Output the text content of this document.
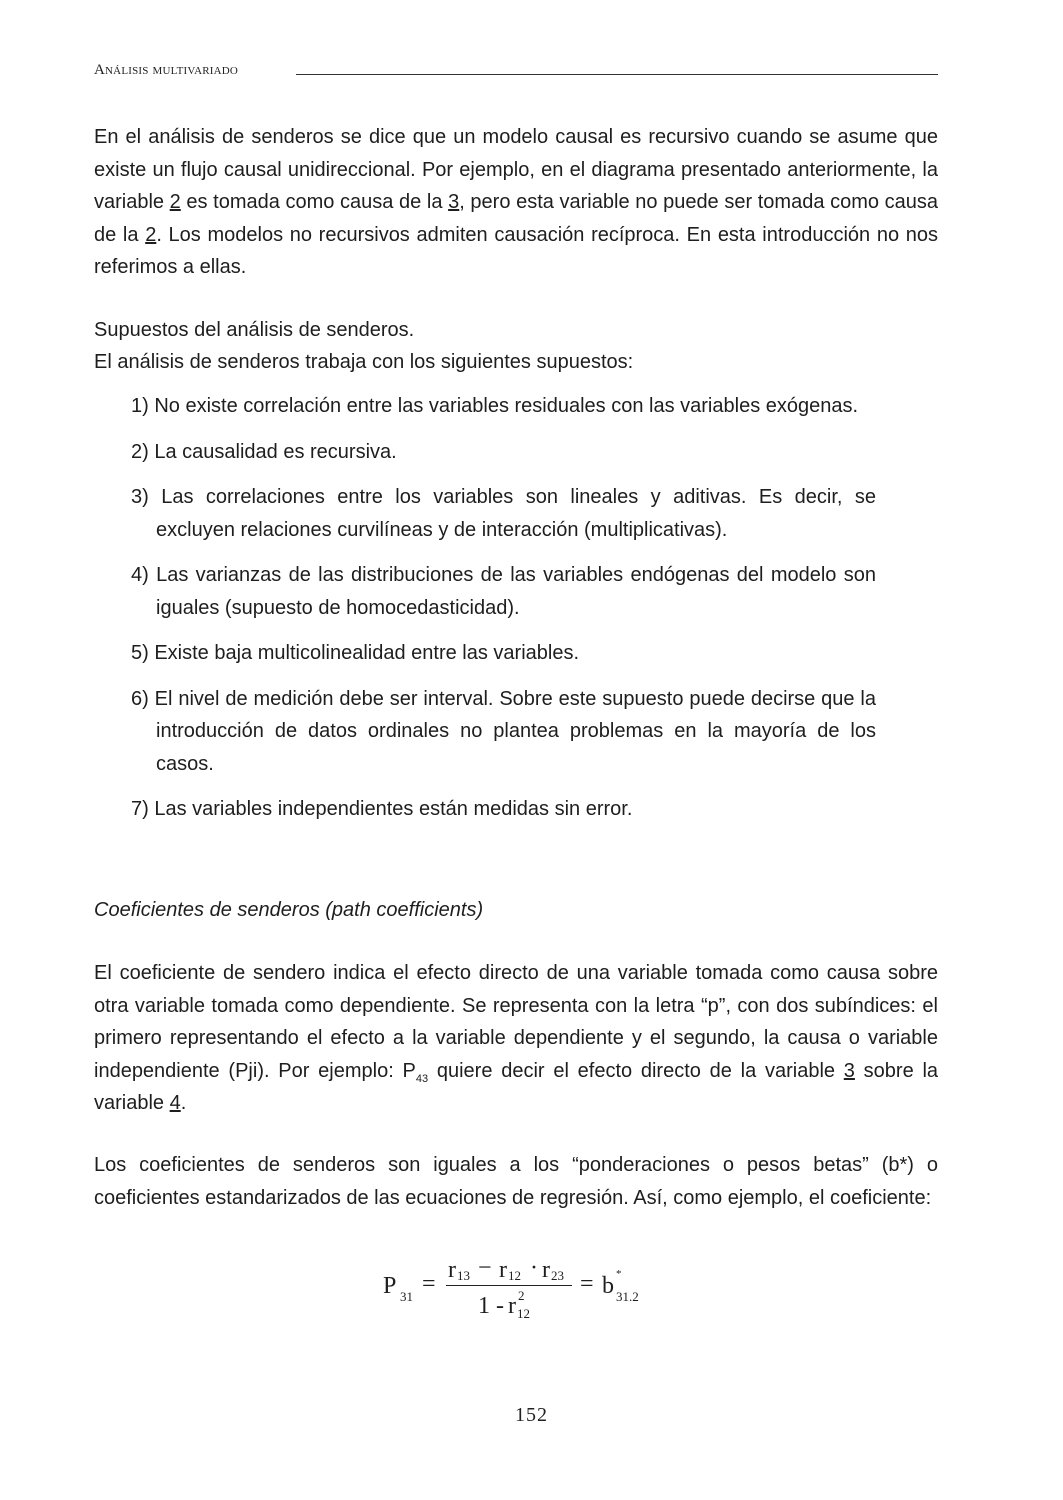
Análisis multivariado

En el análisis de senderos se dice que un modelo causal es recursivo cuando se asume que existe un flujo causal unidireccional. Por ejemplo, en el diagrama presentado anteriormente, la variable 2 es tomada como causa de la 3, pero esta variable no puede ser tomada como causa de la 2. Los modelos no recursivos admiten causación recíproca. En esta introducción no nos referimos a ellas.

Supuestos del análisis de senderos.

El análisis de senderos trabaja con los siguientes supuestos:

1) No existe correlación entre las variables residuales con las variables exógenas.
2) La causalidad es recursiva.
3) Las correlaciones entre los variables son lineales y aditivas. Es decir, se excluyen relaciones curvilíneas y de interacción (multiplicativas).
4) Las varianzas de las distribuciones de las variables endógenas del modelo son iguales (supuesto de homocedasticidad).
5) Existe baja multicolinealidad entre las variables.
6) El nivel de medición debe ser interval. Sobre este supuesto puede decirse que la introducción de datos ordinales no plantea problemas en la mayoría de los casos.
7) Las variables independientes están medidas sin error.

Coeficientes de senderos (path coefficients)

El coeficiente de sendero indica el efecto directo de una variable tomada como causa sobre otra variable tomada como dependiente. Se representa con la letra “p”, con dos subíndices: el primero representando el efecto a la variable dependiente y el segundo, la causa o variable independiente (Pji). Por ejemplo: $P_{43}$ quiere decir el efecto directo de la variable 3 sobre la variable 4.

Los coeficientes de senderos son iguales a los “ponderaciones o pesos betas” (b*) o coeficientes estandarizados de las ecuaciones de regresión. Así, como ejemplo, el coeficiente:

P 31 =
r 13 − r 12 · r 23
1 - r 2
12
= b *
31.2
152
